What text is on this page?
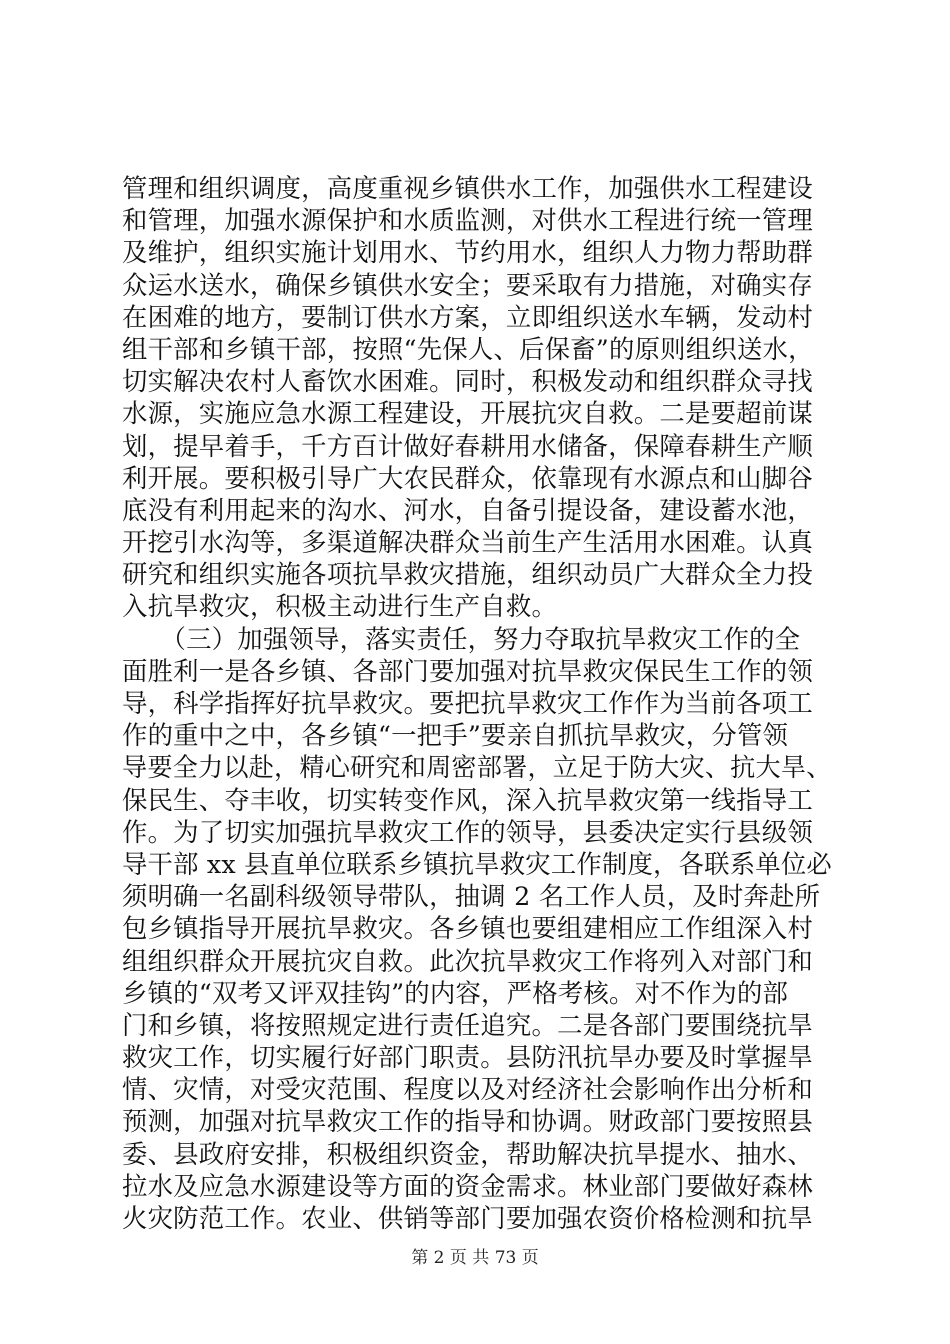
管理和组织调度，高度重视乡镇供水工作，加强供水工程建设
和管理，加强水源保护和水质监测，对供水工程进行统一管理
及维护，组织实施计划用水、节约用水，组织人力物力帮助群
众运水送水，确保乡镇供水安全；要采取有力措施，对确实存
在困难的地方，要制订供水方案，立即组织送水车辆，发动村
组干部和乡镇干部，按照“先保人、后保畜”的原则组织送水，
切实解决农村人畜饮水困难。同时，积极发动和组织群众寻找
水源，实施应急水源工程建设，开展抗灾自救。二是要超前谋
划，提早着手，千方百计做好春耕用水储备，保障春耕生产顺
利开展。要积极引导广大农民群众，依靠现有水源点和山脚谷
底没有利用起来的沟水、河水，自备引提设备，建设蓄水池，
开挖引水沟等，多渠道解决群众当前生产生活用水困难。认真
研究和组织实施各项抗旱救灾措施，组织动员广大群众全力投
入抗旱救灾，积极主动进行生产自救。
　　（三）加强领导，落实责任，努力夺取抗旱救灾工作的全
面胜利一是各乡镇、各部门要加强对抗旱救灾保民生工作的领
导，科学指挥好抗旱救灾。要把抗旱救灾工作作为当前各项工
作的重中之中，各乡镇“一把手”要亲自抓抗旱救灾，分管领
导要全力以赴，精心研究和周密部署，立足于防大灾、抗大旱、
保民生、夺丰收，切实转变作风，深入抗旱救灾第一线指导工
作。为了切实加强抗旱救灾工作的领导，县委决定实行县级领
导干部 xx 县直单位联系乡镇抗旱救灾工作制度，各联系单位必
须明确一名副科级领导带队，抽调 2 名工作人员，及时奔赴所
包乡镇指导开展抗旱救灾。各乡镇也要组建相应工作组深入村
组组织群众开展抗灾自救。此次抗旱救灾工作将列入对部门和
乡镇的“双考又评双挂钩”的内容，严格考核。对不作为的部
门和乡镇，将按照规定进行责任追究。二是各部门要围绕抗旱
救灾工作，切实履行好部门职责。县防汛抗旱办要及时掌握旱
情、灾情，对受灾范围、程度以及对经济社会影响作出分析和
预测，加强对抗旱救灾工作的指导和协调。财政部门要按照县
委、县政府安排，积极组织资金，帮助解决抗旱提水、抽水、
拉水及应急水源建设等方面的资金需求。林业部门要做好森林
火灾防范工作。农业、供销等部门要加强农资价格检测和抗旱
第 2 页 共 73 页
